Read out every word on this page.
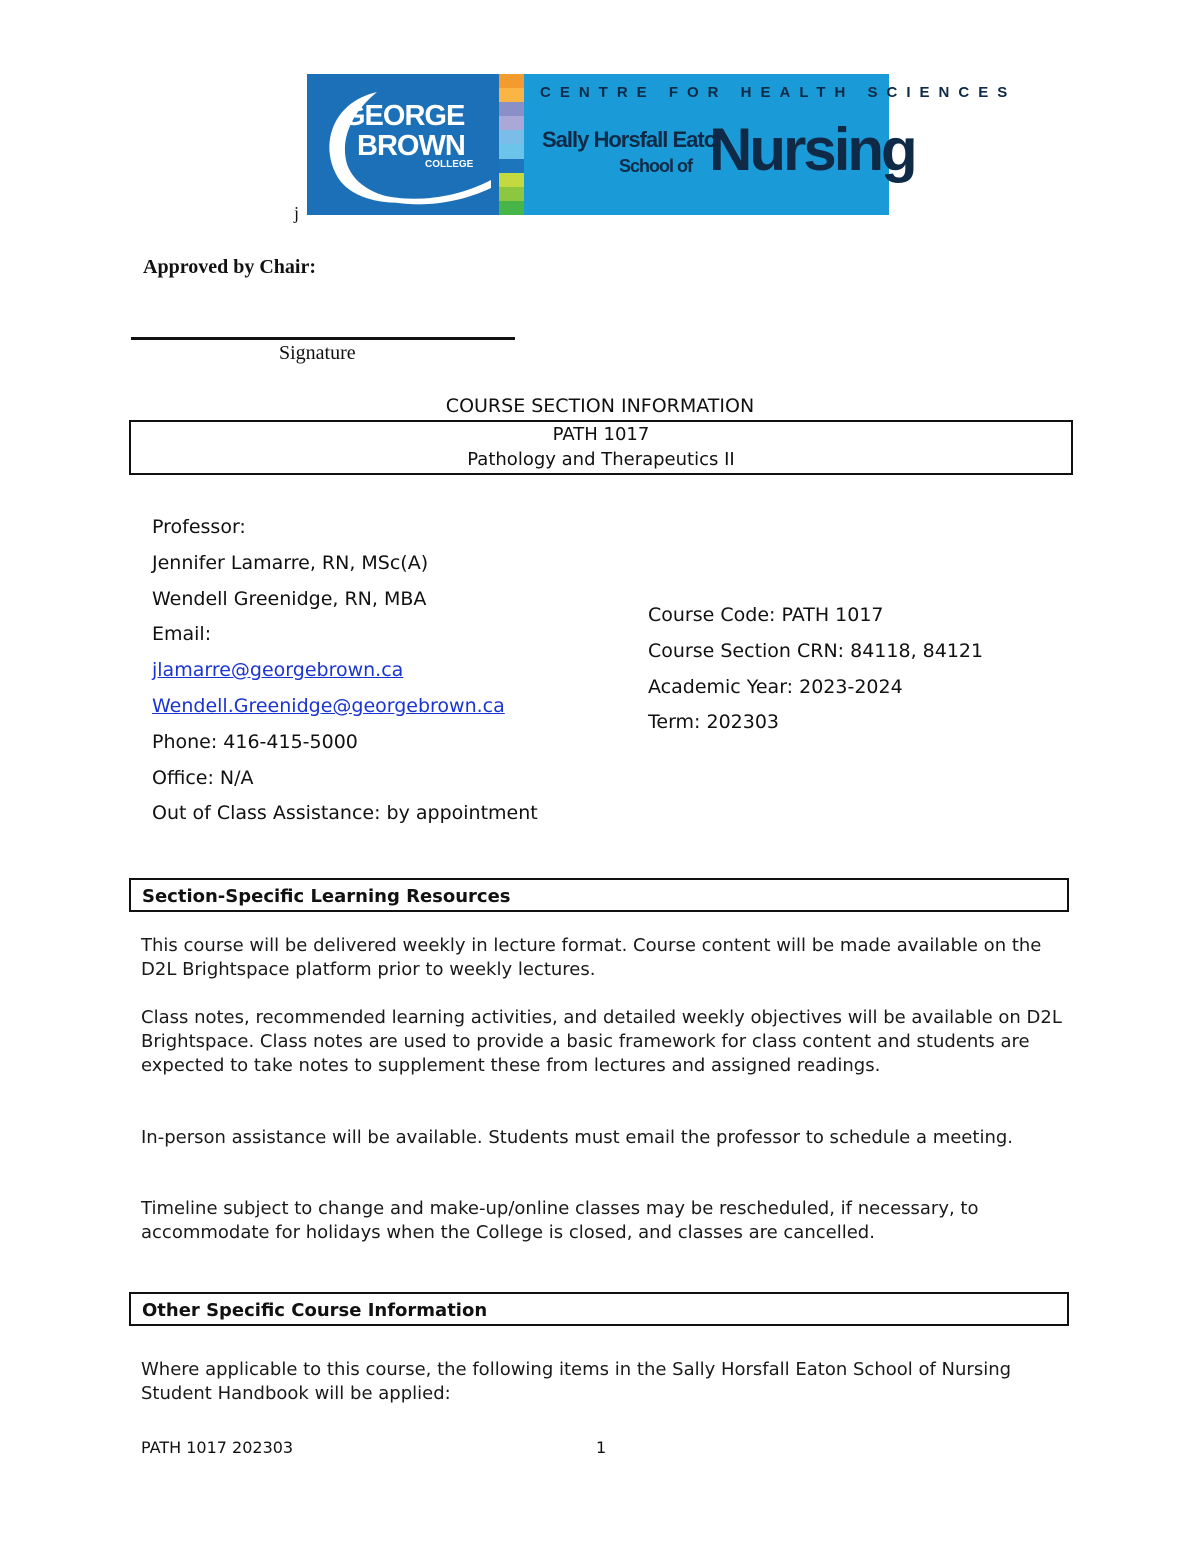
GEORGE
BROWN
COLLEGE
CENTRE FOR HEALTH SCIENCES
Sally Horsfall Eaton
School of Nursing
j
Approved by Chair:
Signature
COURSE SECTION INFORMATION
PATH 1017
Pathology and Therapeutics II
Professor:
Jennifer Lamarre, RN, MSc(A)
Wendell Greenidge, RN, MBA
Email:
jlamarre@georgebrown.ca
Wendell.Greenidge@georgebrown.ca
Phone: 416-415-5000
Office: N/A
Out of Class Assistance: by appointment
Course Code: PATH 1017
Course Section CRN: 84118, 84121
Academic Year: 2023-2024
Term: 202303
Section-Specific Learning Resources
This course will be delivered weekly in lecture format. Course content will be made available on the D2L Brightspace platform prior to weekly lectures.
Class notes, recommended learning activities, and detailed weekly objectives will be available on D2L Brightspace. Class notes are used to provide a basic framework for class content and students are expected to take notes to supplement these from lectures and assigned readings.
In-person assistance will be available. Students must email the professor to schedule a meeting.
Timeline subject to change and make-up/online classes may be rescheduled, if necessary, to accommodate for holidays when the College is closed, and classes are cancelled.
Other Specific Course Information
Where applicable to this course, the following items in the Sally Horsfall Eaton School of Nursing Student Handbook will be applied:
PATH 1017 202303	1
